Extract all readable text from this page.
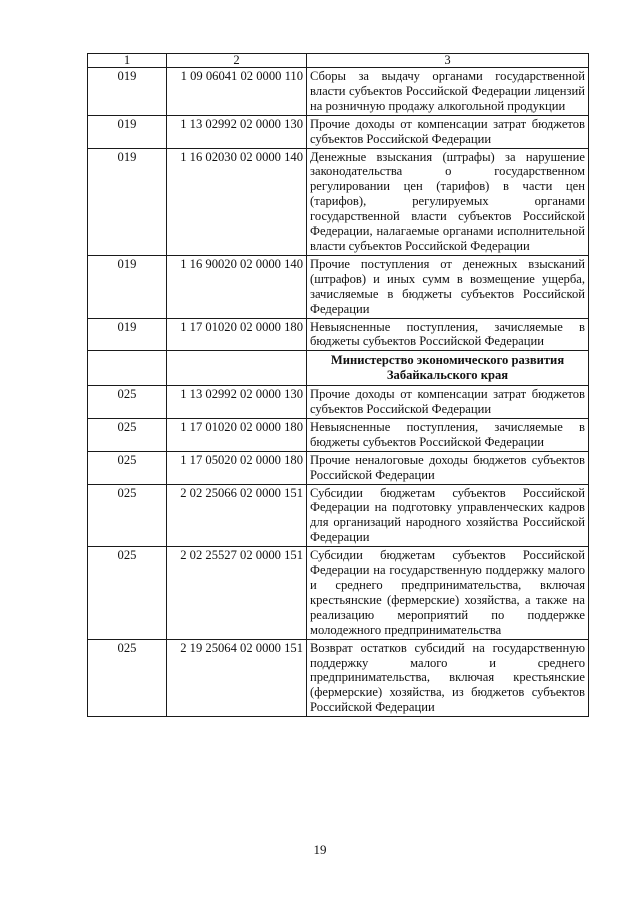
1	2	3
019	1 09 06041 02 0000 110	Сборы за выдачу органами государственной власти субъектов Российской Федерации лицензий на розничную продажу алкогольной продукции
019	1 13 02992 02 0000 130	Прочие доходы от компенсации затрат бюджетов субъектов Российской Федерации
019	1 16 02030 02 0000 140	Денежные взыскания (штрафы) за нарушение законодательства о государственном регулировании цен (тарифов) в части цен (тарифов), регулируемых органами государственной власти субъектов Российской Федерации, налагаемые органами исполнительной власти субъектов Российской Федерации
019	1 16 90020 02 0000 140	Прочие поступления от денежных взысканий (штрафов) и иных сумм в возмещение ущерба, зачисляемые в бюджеты субъектов Российской Федерации
019	1 17 01020 02 0000 180	Невыясненные поступления, зачисляемые в бюджеты субъектов Российской Федерации
		Министерство экономического развития Забайкальского края
025	1 13 02992 02 0000 130	Прочие доходы от компенсации затрат бюджетов субъектов Российской Федерации
025	1 17 01020 02 0000 180	Невыясненные поступления, зачисляемые в бюджеты субъектов Российской Федерации
025	1 17 05020 02 0000 180	Прочие неналоговые доходы бюджетов субъектов Российской Федерации
025	2 02 25066 02 0000 151	Субсидии бюджетам субъектов Российской Федерации на подготовку управленческих кадров для организаций народного хозяйства Российской Федерации
025	2 02 25527 02 0000 151	Субсидии бюджетам субъектов Российской Федерации на государственную поддержку малого и среднего предпринимательства, включая крестьянские (фермерские) хозяйства, а также на реализацию мероприятий по поддержке молодежного предпринимательства
025	2 19 25064 02 0000 151	Возврат остатков субсидий на государственную поддержку малого и среднего предпринимательства, включая крестьянские (фермерские) хозяйства, из бюджетов субъектов Российской Федерации
19
